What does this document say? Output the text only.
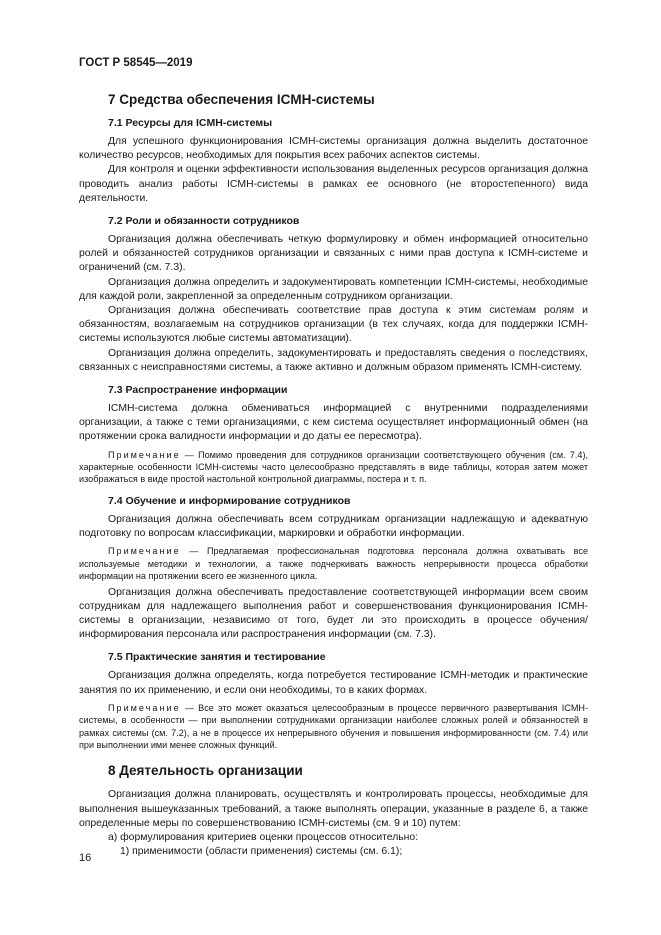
ГОСТ Р 58545—2019
7 Средства обеспечения ICMH-системы
7.1 Ресурсы для ICMH-системы

Для успешного функционирования ICMH-системы организация должна выделить достаточное количество ресурсов, необходимых для покрытия всех рабочих аспектов системы.

Для контроля и оценки эффективности использования выделенных ресурсов организация должна проводить анализ работы ICMH-системы в рамках ее основного (не второстепенного) вида деятельности.

7.2 Роли и обязанности сотрудников

Организация должна обеспечивать четкую формулировку и обмен информацией относительно ролей и обязанностей сотрудников организации и связанных с ними прав доступа к ICMH-системе и ограничений (см. 7.3).

Организация должна определить и задокументировать компетенции ICMH-системы, необходимые для каждой роли, закрепленной за определенным сотрудником организации.

Организация должна обеспечивать соответствие прав доступа к этим системам ролям и обязанностям, возлагаемым на сотрудников организации (в тех случаях, когда для поддержки ICMH-системы используются любые системы автоматизации).

Организация должна определить, задокументировать и предоставлять сведения о последствиях, связанных с неисправностями системы, а также активно и должным образом применять ICMH-систему.

7.3 Распространение информации

ICMH-система должна обмениваться информацией с внутренними подразделениями организации, а также с теми организациями, с кем система осуществляет информационный обмен (на протяжении срока валидности информации и до даты ее пересмотра).

Примечание — Помимо проведения для сотрудников организации соответствующего обучения (см. 7.4), характерные особенности ICMH-системы часто целесообразно представлять в виде таблицы, которая затем может изображаться в виде простой настольной контрольной диаграммы, постера и т. п.

7.4 Обучение и информирование сотрудников

Организация должна обеспечивать всем сотрудникам организации надлежащую и адекватную подготовку по вопросам классификации, маркировки и обработки информации.

Примечание — Предлагаемая профессиональная подготовка персонала должна охватывать все используемые методики и технологии, а также подчеркивать важность непрерывности процесса обработки информации на протяжении всего ее жизненного цикла.

Организация должна обеспечивать предоставление соответствующей информации всем своим сотрудникам для надлежащего выполнения работ и совершенствования функционирования ICMH-системы в организации, независимо от того, будет ли это происходить в процессе обучения/информирования персонала или распространения информации (см. 7.3).

7.5 Практические занятия и тестирование

Организация должна определять, когда потребуется тестирование ICMH-методик и практические занятия по их применению, и если они необходимы, то в каких формах.

Примечание — Все это может оказаться целесообразным в процессе первичного развертывания ICMH-системы, в особенности — при выполнении сотрудниками организации наиболее сложных ролей и обязанностей в рамках системы (см. 7.2), а не в процессе их непрерывного обучения и повышения информированности (см. 7.4) или при выполнении ими менее сложных функций.

8 Деятельность организации

Организация должна планировать, осуществлять и контролировать процессы, необходимые для выполнения вышеуказанных требований, а также выполнять операции, указанные в разделе 6, а также определенные меры по совершенствованию ICMH-системы (см. 9 и 10) путем:

а) формулирования критериев оценки процессов относительно:

1) применимости (области применения) системы (см. 6.1);

16
